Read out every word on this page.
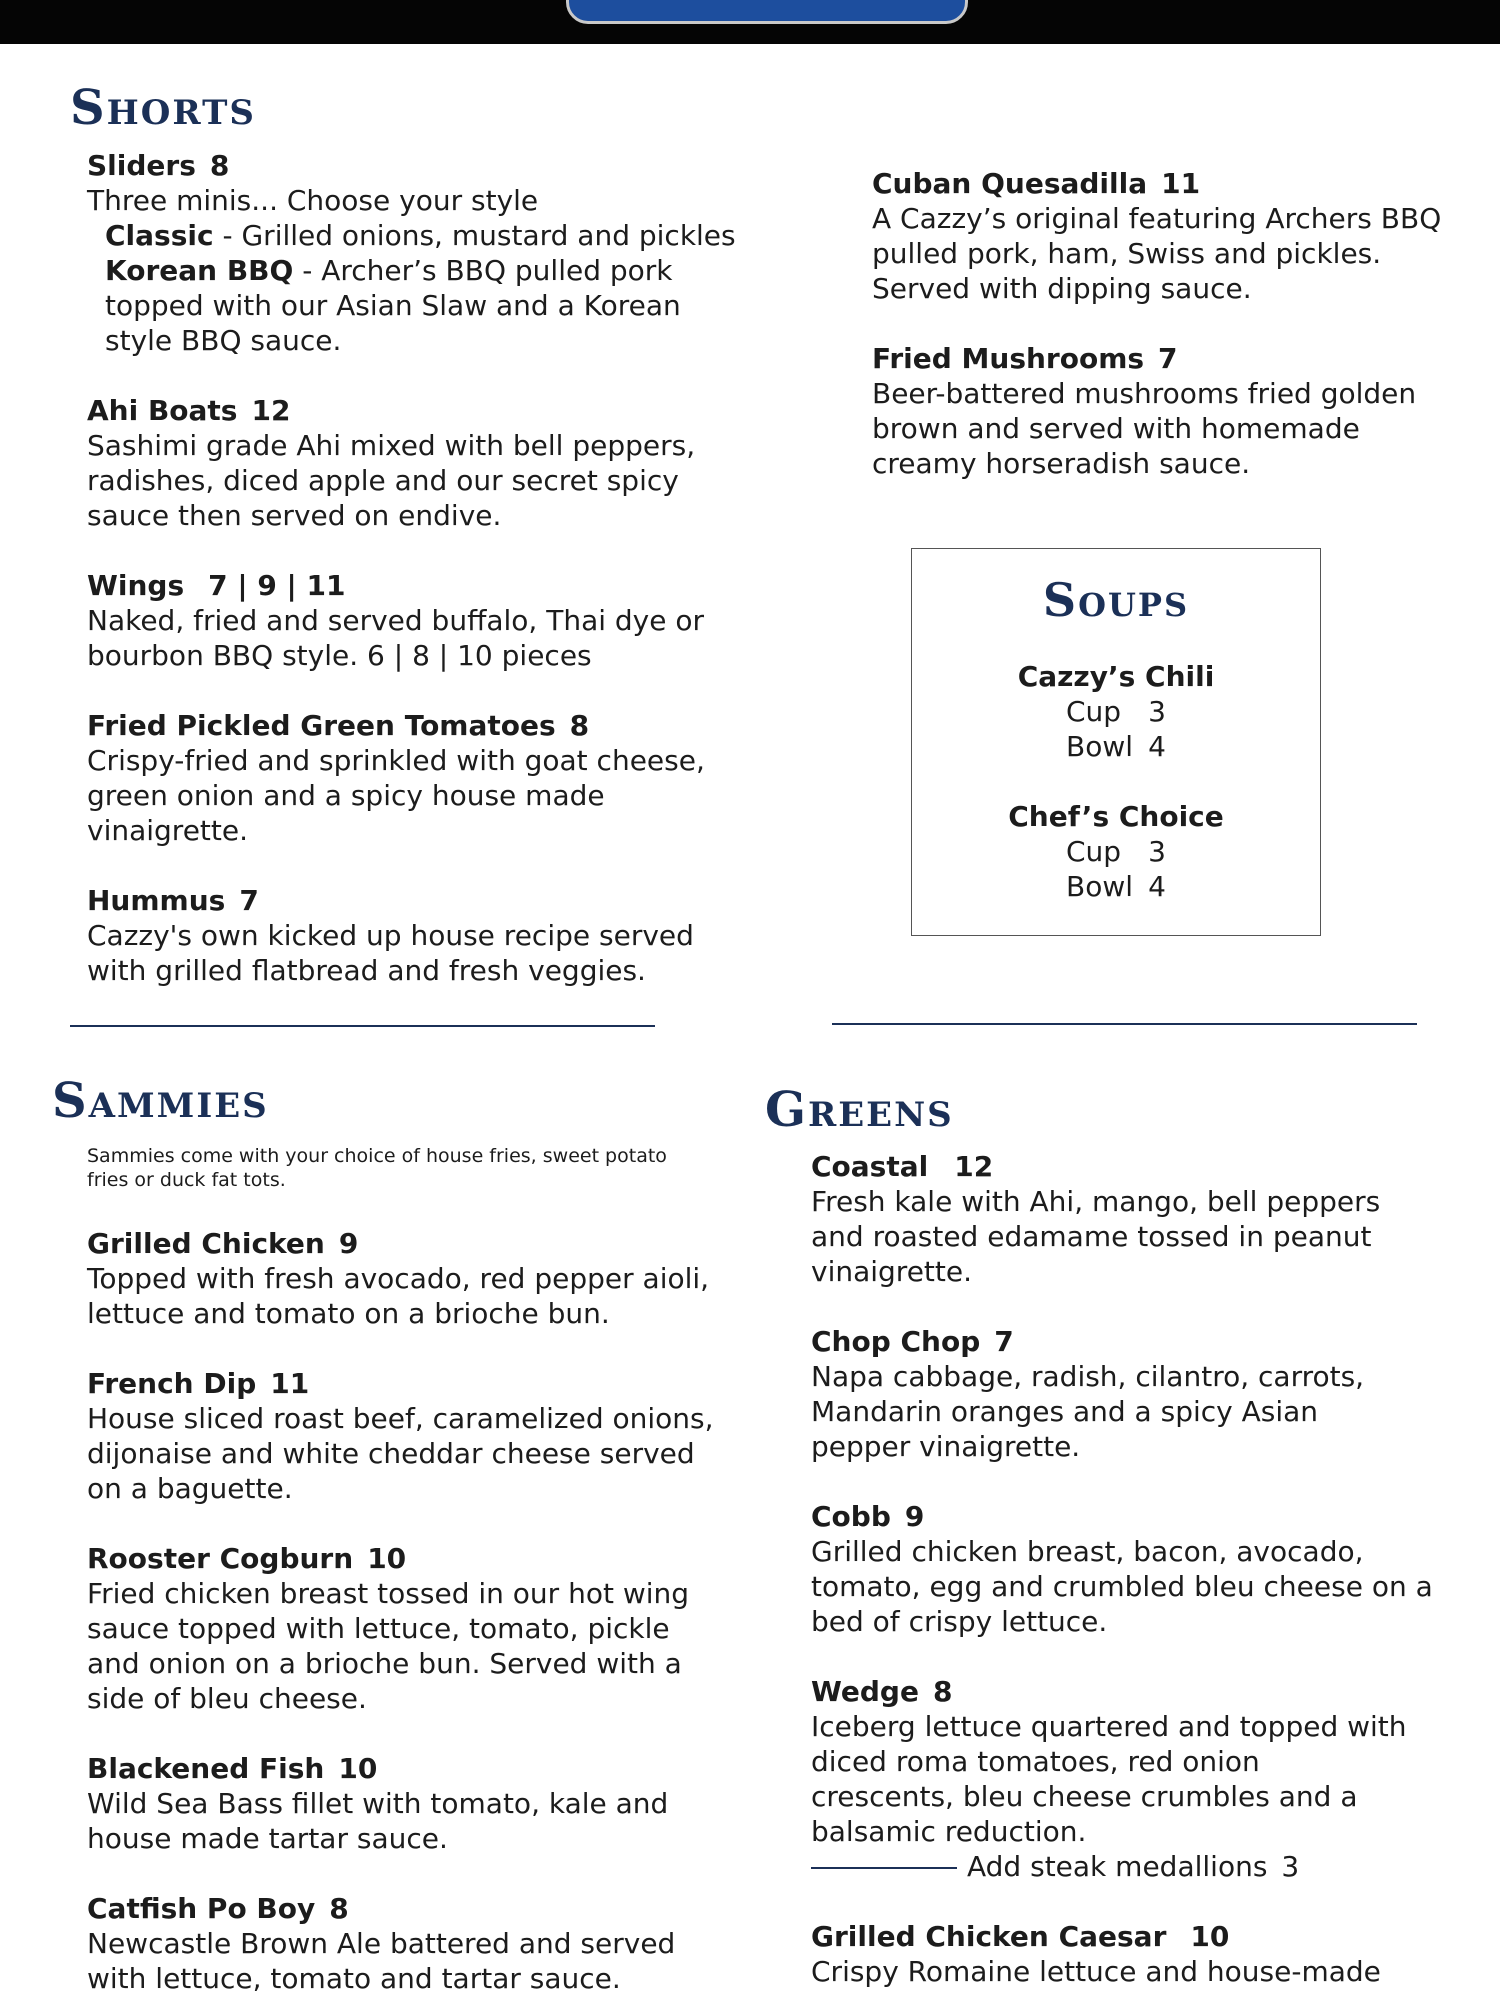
Shorts

Sliders 8

Three minis... Choose your style

Classic - Grilled onions, mustard and pickles

Korean BBQ - Archer’s BBQ pulled pork topped with our Asian Slaw and a Korean style BBQ sauce.

Ahi Boats 12

Sashimi grade Ahi mixed with bell peppers, radishes, diced apple and our secret spicy sauce then served on endive.

Wings 7 | 9 | 11

Naked, fried and served buffalo, Thai dye or bourbon BBQ style. 6 | 8 | 10 pieces

Fried Pickled Green Tomatoes 8

Crispy-fried and sprinkled with goat cheese, green onion and a spicy house made vinaigrette.

Hummus 7

Cazzy's own kicked up house recipe served with grilled flatbread and fresh veggies.

Cuban Quesadilla 11

A Cazzy’s original featuring Archers BBQ pulled pork, ham, Swiss and pickles. Served with dipping sauce.

Fried Mushrooms 7

Beer-battered mushrooms fried golden brown and served with homemade creamy horseradish sauce.

Soups

Cazzy’s Chili

Cup 3

Bowl 4

Chef’s Choice

Cup 3

Bowl 4

Sammies

Sammies come with your choice of house fries, sweet potato fries or duck fat tots.

Grilled Chicken 9

Topped with fresh avocado, red pepper aioli, lettuce and tomato on a brioche bun.

French Dip 11

House sliced roast beef, caramelized onions, dijonaise and white cheddar cheese served on a baguette.

Rooster Cogburn 10

Fried chicken breast tossed in our hot wing sauce topped with lettuce, tomato, pickle and onion on a brioche bun. Served with a side of bleu cheese.

Blackened Fish 10

Wild Sea Bass fillet with tomato, kale and house made tartar sauce.

Catfish Po Boy 8

Newcastle Brown Ale battered and served with lettuce, tomato and tartar sauce.

Greens

Coastal 12

Fresh kale with Ahi, mango, bell peppers and roasted edamame tossed in peanut vinaigrette.

Chop Chop 7

Napa cabbage, radish, cilantro, carrots, Mandarin oranges and a spicy Asian pepper vinaigrette.

Cobb 9

Grilled chicken breast, bacon, avocado, tomato, egg and crumbled bleu cheese on a bed of crispy lettuce.

Wedge 8

Iceberg lettuce quartered and topped with diced roma tomatoes, red onion crescents, bleu cheese crumbles and a balsamic reduction.

Add steak medallions 3

Grilled Chicken Caesar 10

Crispy Romaine lettuce and house-made
